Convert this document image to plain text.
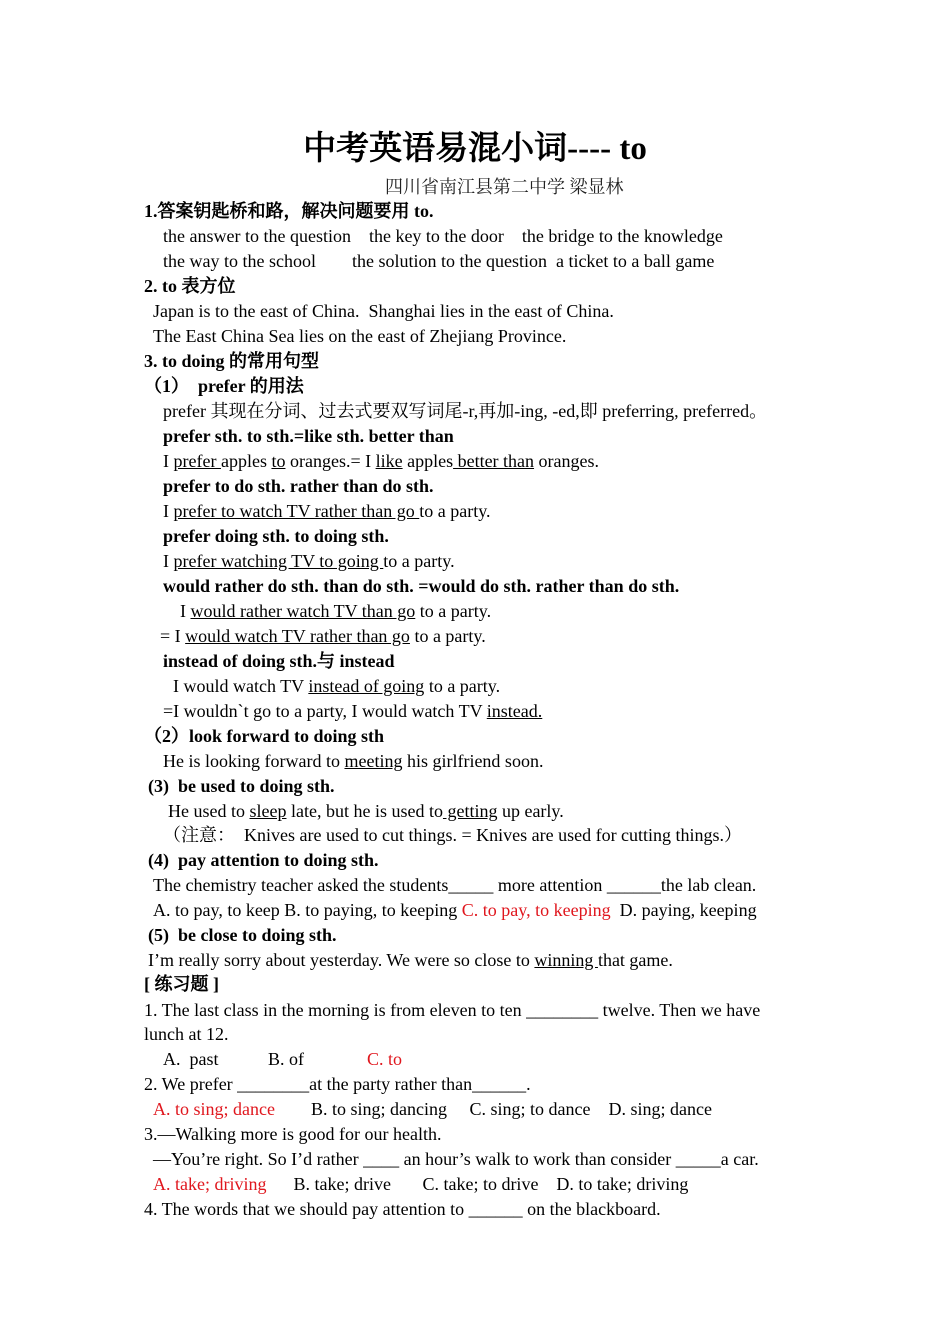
中考英语易混小词---- to
四川省南江县第二中学 梁显林
1.答案钥匙桥和路，解决问题要用 to.
the answer to the question    the key to the door    the bridge to the knowledge
the way to the school        the solution to the question  a ticket to a ball game
2. to 表方位
Japan is to the east of China.  Shanghai lies in the east of China.
The East China Sea lies on the east of Zhejiang Province.
3. to doing 的常用句型
（1）  prefer 的用法
prefer 其现在分词、过去式要双写词尾-r,再加-ing, -ed,即 preferring, preferred。
prefer sth. to sth.=like sth. better than
I prefer apples to oranges.= I like apples better than oranges.
prefer to do sth. rather than do sth.
I prefer to watch TV rather than go to a party.
prefer doing sth. to doing sth.
I prefer watching TV to going to a party.
would rather do sth. than do sth. =would do sth. rather than do sth.
I would rather watch TV than go to a party.
= I would watch TV rather than go to a party.
instead of doing sth.与 instead
I would watch TV instead of going to a party.
=I wouldn`t go to a party, I would watch TV instead.
（2）look forward to doing sth
He is looking forward to meeting his girlfriend soon.
(3)  be used to doing sth.
He used to sleep late, but he is used to getting up early.
（注意：  Knives are used to cut things. = Knives are used for cutting things.）
(4)  pay attention to doing sth.
The chemistry teacher asked the students_____ more attention ______the lab clean.
A. to pay, to keep B. to paying, to keeping C. to pay, to keeping  D. paying, keeping
(5)  be close to doing sth.
I’m really sorry about yesterday. We were so close to winning that game.
[ 练习题 ]
1. The last class in the morning is from eleven to ten ________ twelve. Then we have
lunch at 12.
A.  past           B. of              C. to
2. We prefer ________at the party rather than______.
A. to sing; dance        B. to sing; dancing     C. sing; to dance    D. sing; dance
3.—Walking more is good for our health.
—You’re right. So I’d rather ____ an hour’s walk to work than consider _____a car.
A. take; driving      B. take; drive       C. take; to drive    D. to take; driving
4. The words that we should pay attention to ______ on the blackboard.
